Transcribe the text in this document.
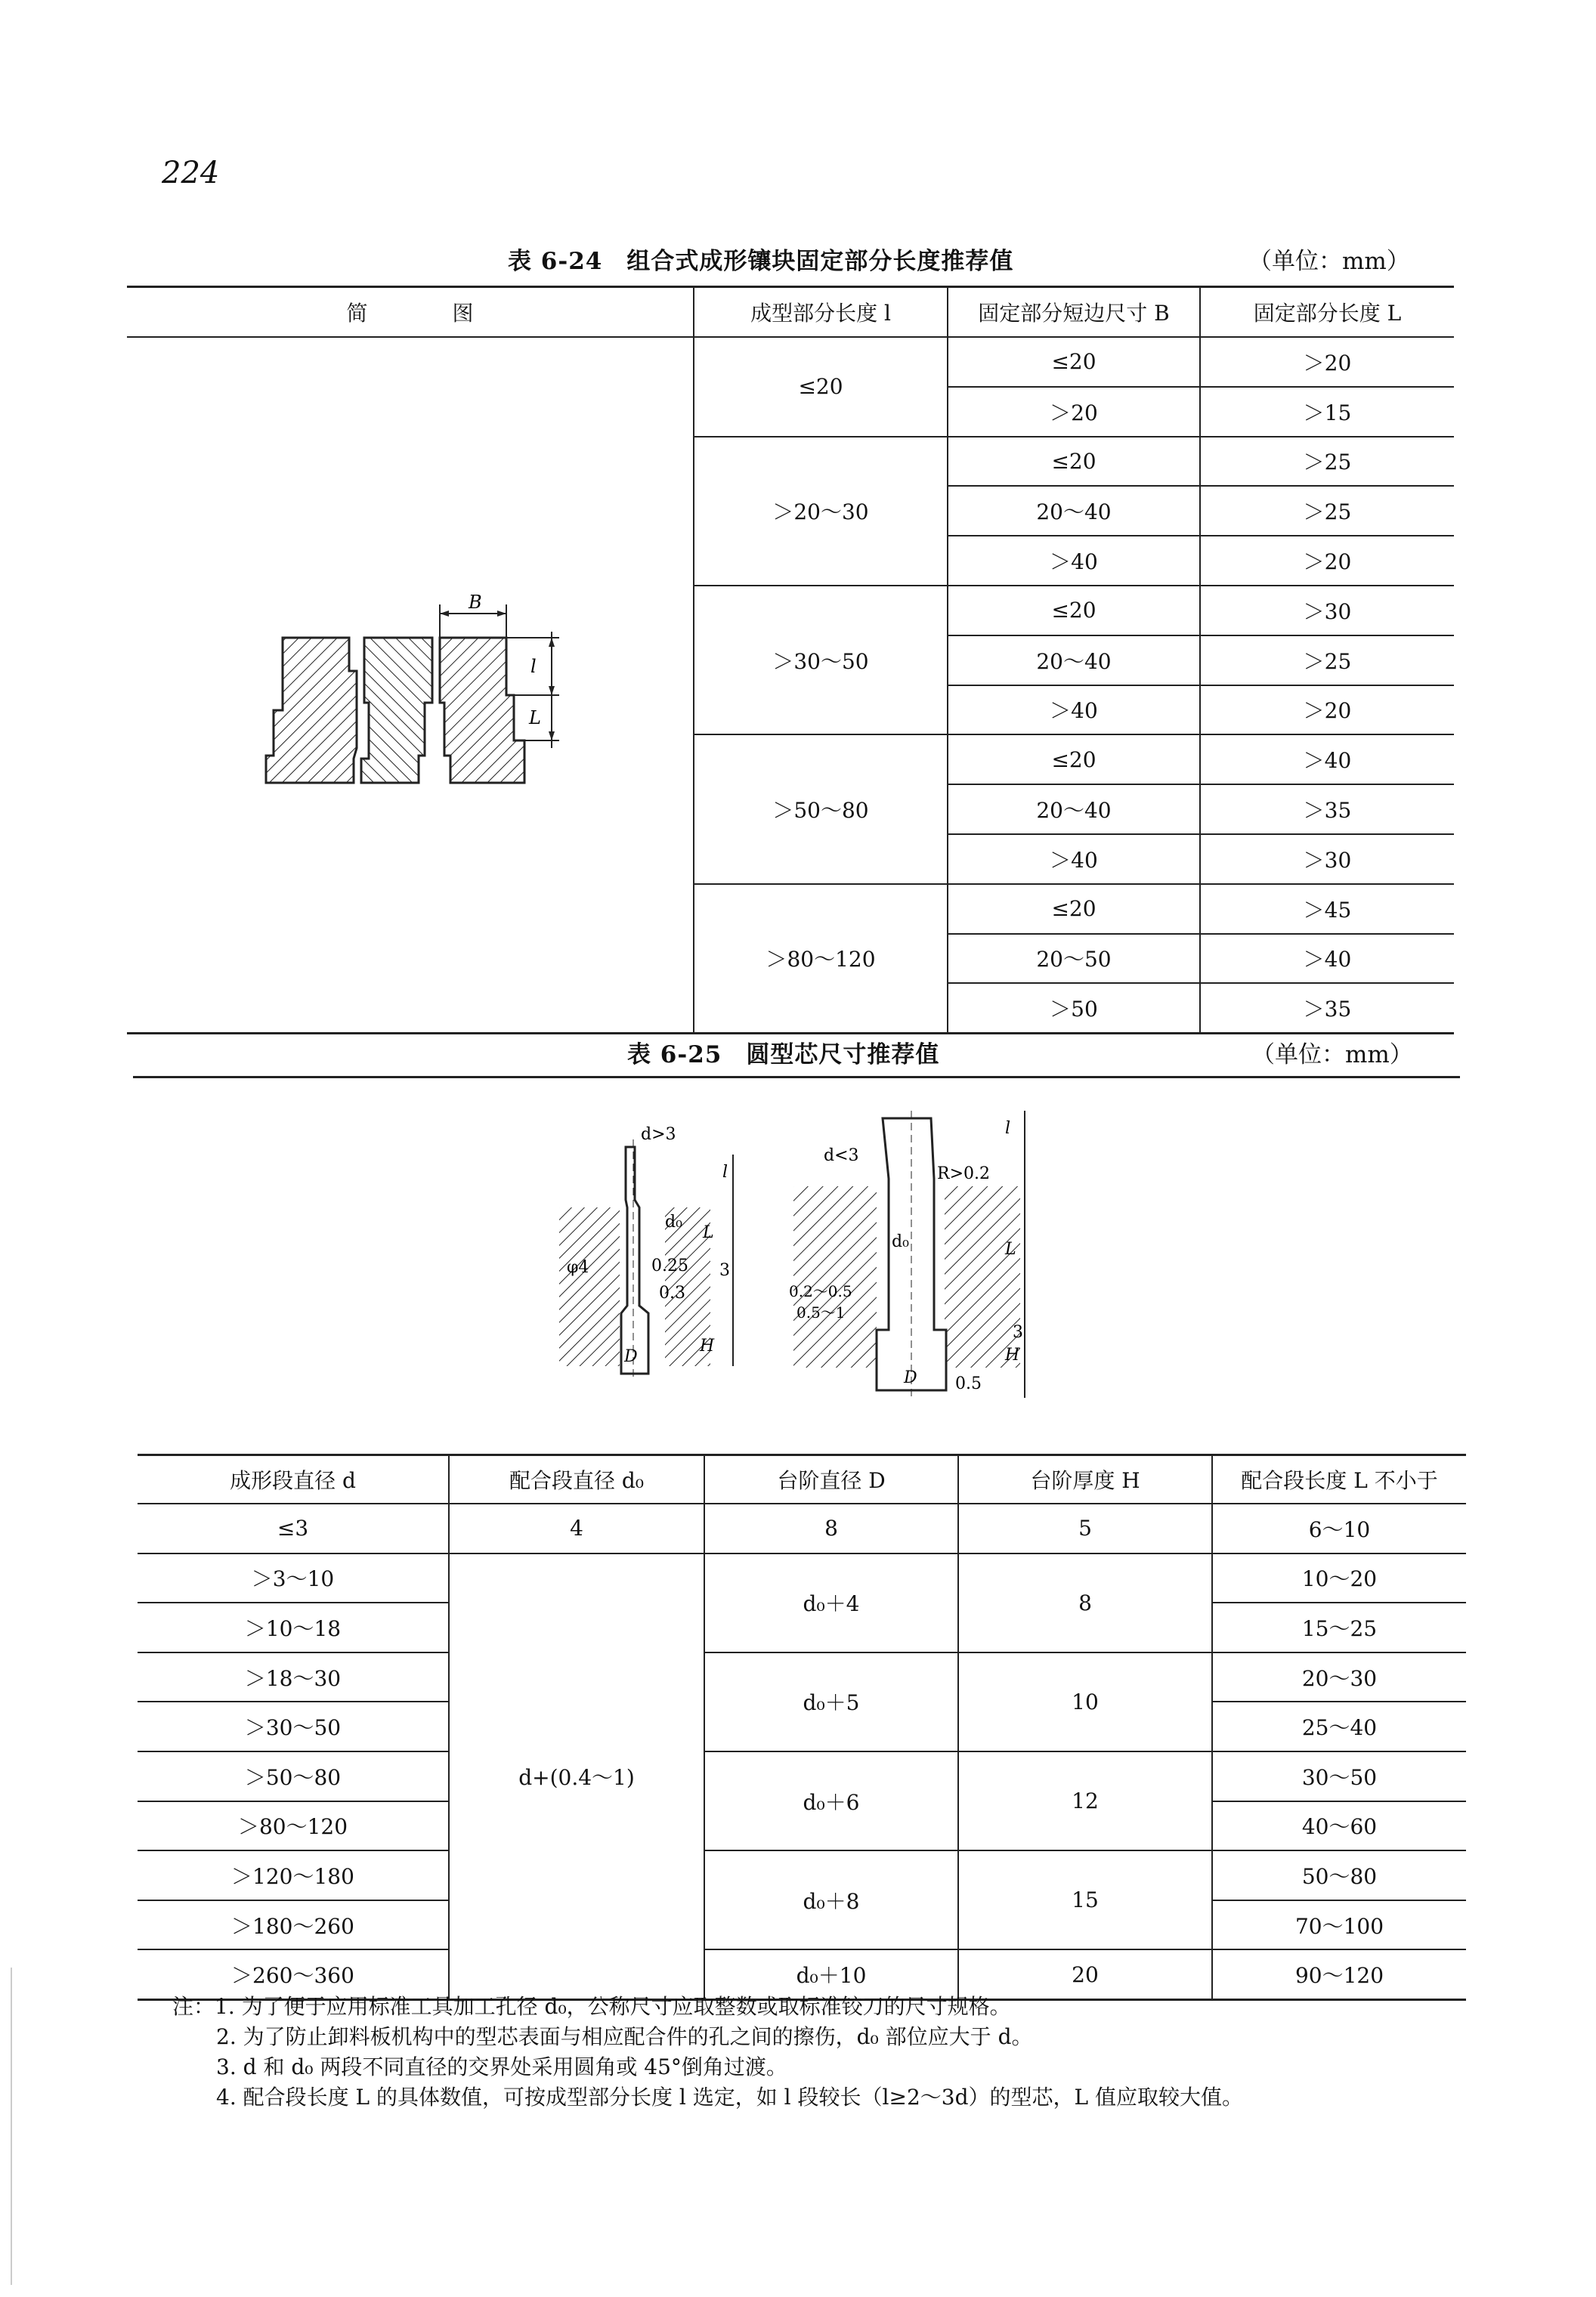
224
表 6-24　组合式成形镶块固定部分长度推荐值	（单位：mm）
简　　　　图	成型部分长度 l	固定部分短边尺寸 B	固定部分长度 L
	≤20	≤20	＞20
		＞20	＞15
	＞20～30	≤20	＞25
		20～40	＞25
		＞40	＞20
	＞30～50	≤20	＞30
		20～40	＞25
		＞40	＞20
	＞50～80	≤20	＞40
		20～40	＞35
		＞40	＞30
	＞80～120	≤20	＞45
		20～50	＞40
		＞50	＞35
B
l
L
表 6-25　圆型芯尺寸推荐值	（单位：mm）
d>3
d₀
φ4	0.25
0.3
D
H
l
L
3
d<3
R>0.2
d₀
0.2～0.5
0.5～1
D 0.5
H
3
l
L
成形段直径 d	配合段直径 d₀	台阶直径 D	台阶厚度 H	配合段长度 L 不小于
≤3	4	8	5	6～10
＞3～10	d+(0.4～1)	d₀＋4	8	10～20
＞10～18				15～25
＞18～30		d₀＋5	10	20～30
＞30～50				25～40
＞50～80		d₀＋6	12	30～50
＞80～120				40～60
＞120～180		d₀＋8	15	50～80
＞180～260				70～100
＞260～360		d₀＋10	20	90～120
注：1. 为了便于应用标准工具加工孔径 d₀，公称尺寸应取整数或取标准铰刀的尺寸规格。
2. 为了防止卸料板机构中的型芯表面与相应配合件的孔之间的擦伤，d₀ 部位应大于 d。
3. d 和 d₀ 两段不同直径的交界处采用圆角或 45°倒角过渡。
4. 配合段长度 L 的具体数值，可按成型部分长度 l 选定，如 l 段较长（l≥2～3d）的型芯，L 值应取较大值。
